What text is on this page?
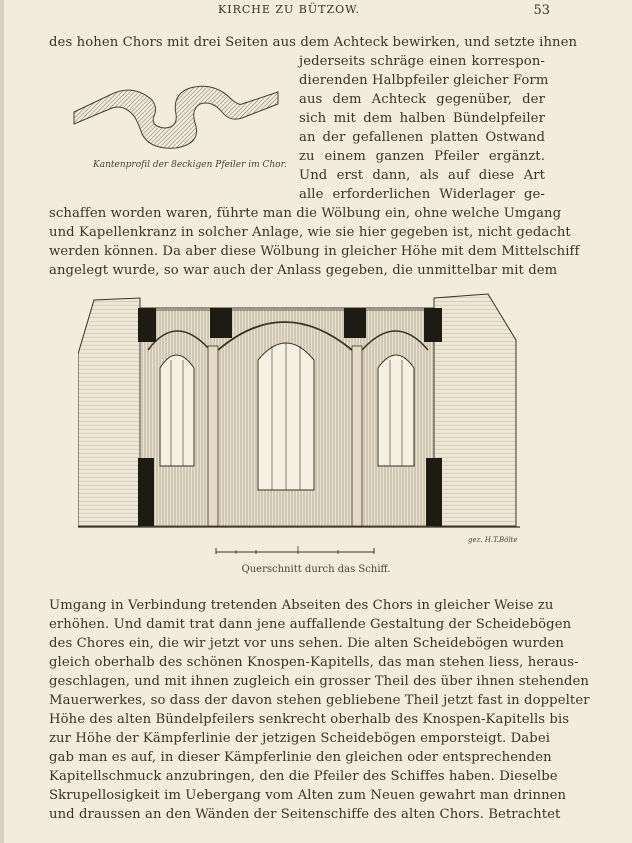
KIRCHE ZU BÜTZOW.	53
des hohen Chors mit drei Seiten aus dem Achteck bewirken, und setzte ihnen
jederseits schräge einen korrespon-
dierenden Halbpfeiler gleicher Form
aus dem Achteck gegenüber, der
sich mit dem halben Bündelpfeiler
an der gefallenen platten Ostwand
zu einem ganzen Pfeiler ergänzt.
Und erst dann, als auf diese Art
alle erforderlichen Widerlager ge-
schaffen worden waren, führte man die Wölbung ein, ohne welche Umgang
und Kapellenkranz in solcher Anlage, wie sie hier gegeben ist, nicht gedacht
werden können. Da aber diese Wölbung in gleicher Höhe mit dem Mittelschiff
angelegt wurde, so war auch der Anlass gegeben, die unmittelbar mit dem
Kantenprofil der 8eckigen Pfeiler im Chor.
gez. H.T.Bölte
Querschnitt durch das Schiff.
Umgang in Verbindung tretenden Abseiten des Chors in gleicher Weise zu
erhöhen. Und damit trat dann jene auffallende Gestaltung der Scheidebögen
des Chores ein, die wir jetzt vor uns sehen. Die alten Scheidebögen wurden
gleich oberhalb des schönen Knospen-Kapitells, das man stehen liess, heraus-
geschlagen, und mit ihnen zugleich ein grosser Theil des über ihnen stehenden
Mauerwerkes, so dass der davon stehen gebliebene Theil jetzt fast in doppelter
Höhe des alten Bündelpfeilers senkrecht oberhalb des Knospen-Kapitells bis
zur Höhe der Kämpferlinie der jetzigen Scheidebögen emporsteigt. Dabei
gab man es auf, in dieser Kämpferlinie den gleichen oder entsprechenden
Kapitellschmuck anzubringen, den die Pfeiler des Schiffes haben. Dieselbe
Skrupellosigkeit im Uebergang vom Alten zum Neuen gewahrt man drinnen
und draussen an den Wänden der Seitenschiffe des alten Chors. Betrachtet
